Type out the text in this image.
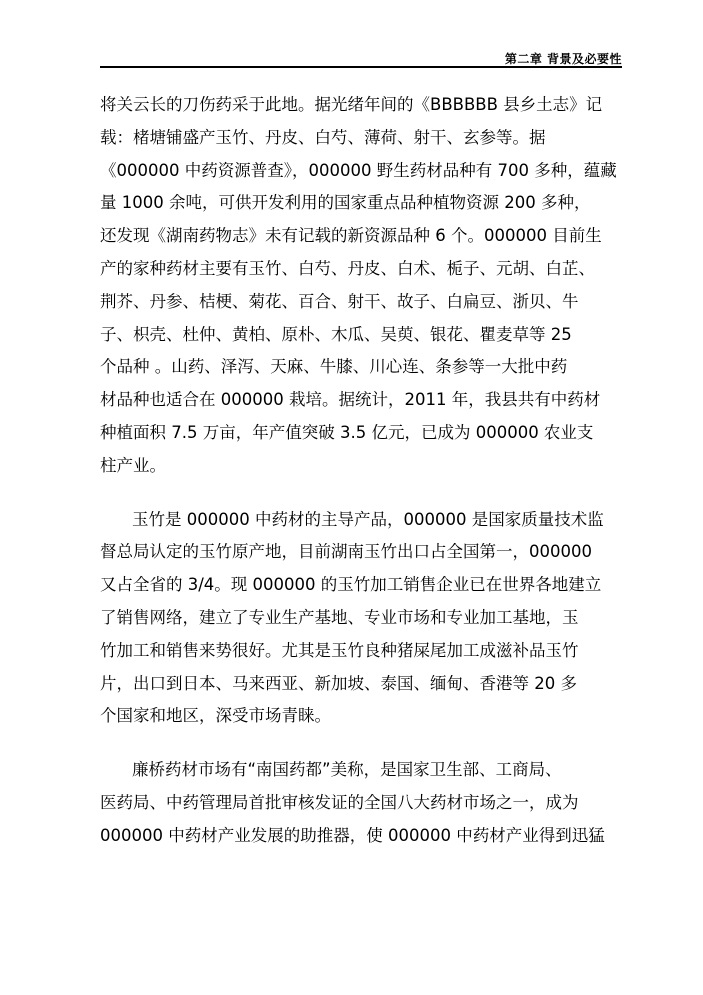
第二章 背景及必要性
将关云长的刀伤药采于此地。据光绪年间的《BBBBBB 县乡土志》记
载：楮塘铺盛产玉竹、丹皮、白芍、薄荷、射干、玄参等。据
《000000 中药资源普查》，000000 野生药材品种有 700 多种，蕴藏
量 1000 余吨，可供开发利用的国家重点品种植物资源 200 多种，
还发现《湖南药物志》未有记载的新资源品种 6 个。000000 目前生
产的家种药材主要有玉竹、白芍、丹皮、白术、栀子、元胡、白芷、
荆芥、丹参、桔梗、菊花、百合、射干、故子、白扁豆、浙贝、牛
子、枳壳、杜仲、黄柏、原朴、木瓜、吴萸、银花、瞿麦草等 25
个品种 。山药、泽泻、天麻、牛膝、川心连、条参等一大批中药
材品种也适合在 000000 栽培。据统计，2011 年，我县共有中药材
种植面积 7.5 万亩，年产值突破 3.5 亿元，已成为 000000 农业支
柱产业。
玉竹是 000000 中药材的主导产品，000000 是国家质量技术监
督总局认定的玉竹原产地，目前湖南玉竹出口占全国第一，000000
又占全省的 3/4。现 000000 的玉竹加工销售企业已在世界各地建立
了销售网络，建立了专业生产基地、专业市场和专业加工基地，玉
竹加工和销售来势很好。尤其是玉竹良种猪屎尾加工成滋补品玉竹
片，出口到日本、马来西亚、新加坡、泰国、缅甸、香港等 20 多
个国家和地区，深受市场青睐。
廉桥药材市场有“南国药都”美称，是国家卫生部、工商局、
医药局、中药管理局首批审核发证的全国八大药材市场之一，成为
000000 中药材产业发展的助推器，使 000000 中药材产业得到迅猛
